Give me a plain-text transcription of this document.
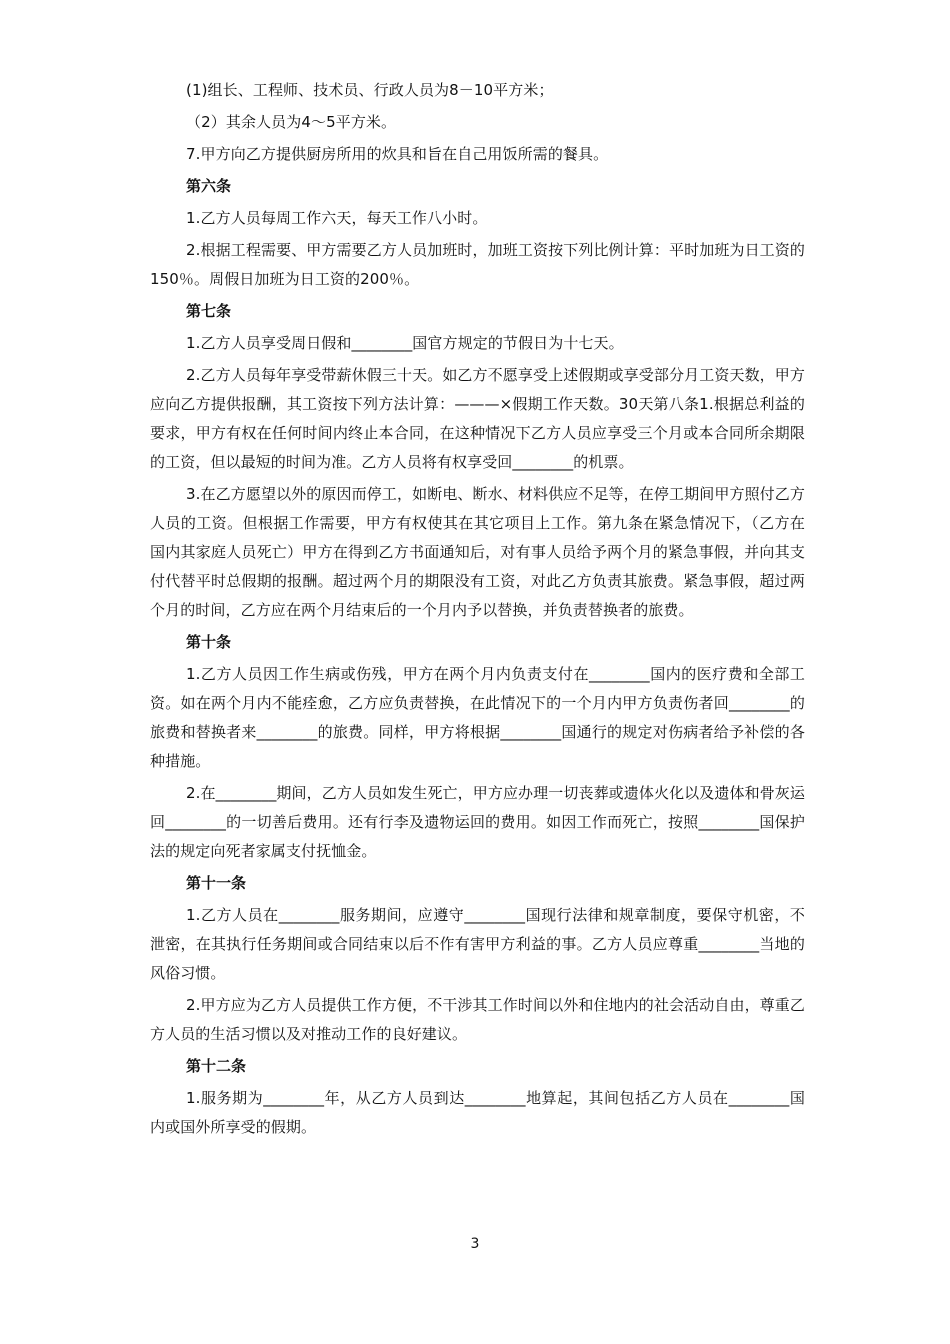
(1)组长、工程师、技术员、行政人员为8－10平方米；

（2）其余人员为4～5平方米。

7.甲方向乙方提供厨房所用的炊具和旨在自己用饭所需的餐具。

第六条

1.乙方人员每周工作六天，每天工作八小时。

2.根据工程需要、甲方需要乙方人员加班时，加班工资按下列比例计算：平时加班为日工资的150％。周假日加班为日工资的200％。

第七条

1.乙方人员享受周日假和________国官方规定的节假日为十七天。

2.乙方人员每年享受带薪休假三十天。如乙方不愿享受上述假期或享受部分月工资天数，甲方应向乙方提供报酬，其工资按下列方法计算：———×假期工作天数。30天第八条1.根据总利益的要求，甲方有权在任何时间内终止本合同，在这种情况下乙方人员应享受三个月或本合同所余期限的工资，但以最短的时间为准。乙方人员将有权享受回________的机票。

3.在乙方愿望以外的原因而停工，如断电、断水、材料供应不足等，在停工期间甲方照付乙方人员的工资。但根据工作需要，甲方有权使其在其它项目上工作。第九条在紧急情况下，（乙方在国内其家庭人员死亡）甲方在得到乙方书面通知后，对有事人员给予两个月的紧急事假，并向其支付代替平时总假期的报酬。超过两个月的期限没有工资，对此乙方负责其旅费。紧急事假，超过两个月的时间，乙方应在两个月结束后的一个月内予以替换，并负责替换者的旅费。

第十条

1.乙方人员因工作生病或伤残，甲方在两个月内负责支付在________国内的医疗费和全部工资。如在两个月内不能痊愈，乙方应负责替换，在此情况下的一个月内甲方负责伤者回________的旅费和替换者来________的旅费。同样，甲方将根据________国通行的规定对伤病者给予补偿的各种措施。

2.在________期间，乙方人员如发生死亡，甲方应办理一切丧葬或遗体火化以及遗体和骨灰运回________的一切善后费用。还有行李及遗物运回的费用。如因工作而死亡，按照________国保护法的规定向死者家属支付抚恤金。

第十一条

1.乙方人员在________服务期间，应遵守________国现行法律和规章制度，要保守机密，不泄密，在其执行任务期间或合同结束以后不作有害甲方利益的事。乙方人员应尊重________当地的风俗习惯。

2.甲方应为乙方人员提供工作方便，不干涉其工作时间以外和住地内的社会活动自由，尊重乙方人员的生活习惯以及对推动工作的良好建议。

第十二条

1.服务期为________年，从乙方人员到达________地算起，其间包括乙方人员在________国内或国外所享受的假期。

3
